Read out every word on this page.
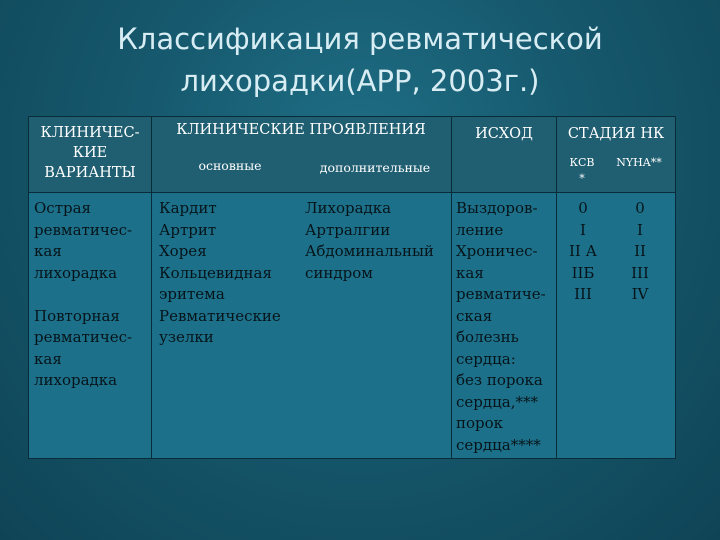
Классификация ревматической
лихорадки(АРР, 2003г.)
КЛИНИЧЕС-
КИЕ
ВАРИАНТЫ
КЛИНИЧЕСКИЕ ПРОЯВЛЕНИЯ
основные	дополнительные
ИСХОД	СТАДИЯ НК
КСВ
*
NYHA**
Острая
ревматичес-
кая
лихорадка

Повторная
ревматичес-
кая
лихорадка
Кардит
Артрит
Хорея
Кольцевидная
эритема
Ревматические
узелки
Лихорадка
Артралгии
Абдоминальный
синдром
Выздоров-
ление
Хроничес-
кая
ревматиче-
ская
болезнь
сердца:
без порока
сердца,***
порок
сердца****
0
I
II А
IIБ
III
0
I
II
III
IV
